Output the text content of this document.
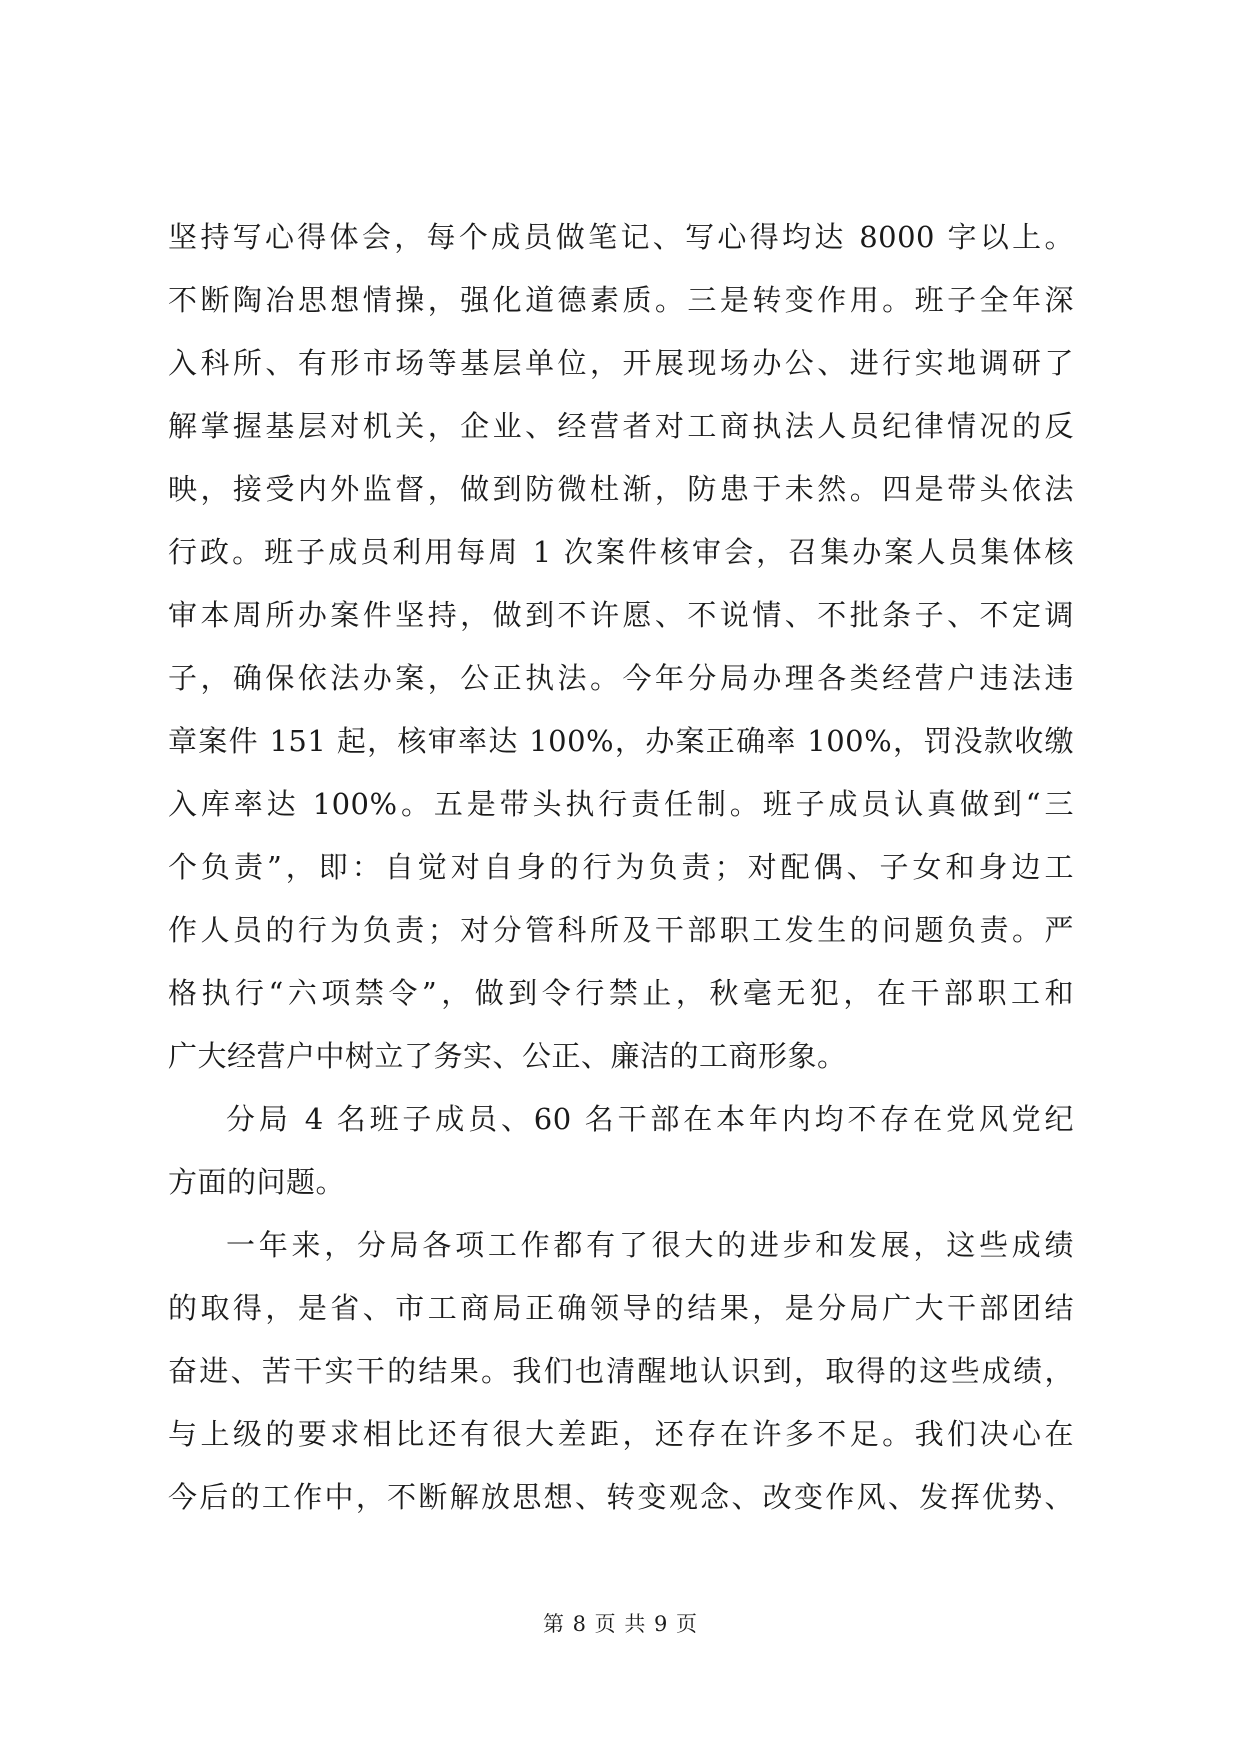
坚持写心得体会，每个成员做笔记、写心得均达 8000 字以上。
不断陶冶思想情操，强化道德素质。三是转变作用。班子全年深
入科所、有形市场等基层单位，开展现场办公、进行实地调研了
解掌握基层对机关，企业、经营者对工商执法人员纪律情况的反
映，接受内外监督，做到防微杜渐，防患于未然。四是带头依法
行政。班子成员利用每周 1 次案件核审会，召集办案人员集体核
审本周所办案件坚持，做到不许愿、不说情、不批条子、不定调
子，确保依法办案，公正执法。今年分局办理各类经营户违法违
章案件 151 起，核审率达 100%，办案正确率 100%，罚没款收缴
入库率达 100%。五是带头执行责任制。班子成员认真做到“三
个负责”，即：自觉对自身的行为负责；对配偶、子女和身边工
作人员的行为负责；对分管科所及干部职工发生的问题负责。严
格执行“六项禁令”，做到令行禁止，秋毫无犯，在干部职工和
广大经营户中树立了务实、公正、廉洁的工商形象。
分局 4 名班子成员、60 名干部在本年内均不存在党风党纪
方面的问题。
一年来，分局各项工作都有了很大的进步和发展，这些成绩
的取得，是省、市工商局正确领导的结果，是分局广大干部团结
奋进、苦干实干的结果。我们也清醒地认识到，取得的这些成绩，
与上级的要求相比还有很大差距，还存在许多不足。我们决心在
今后的工作中，不断解放思想、转变观念、改变作风、发挥优势、
第 8 页 共 9 页
